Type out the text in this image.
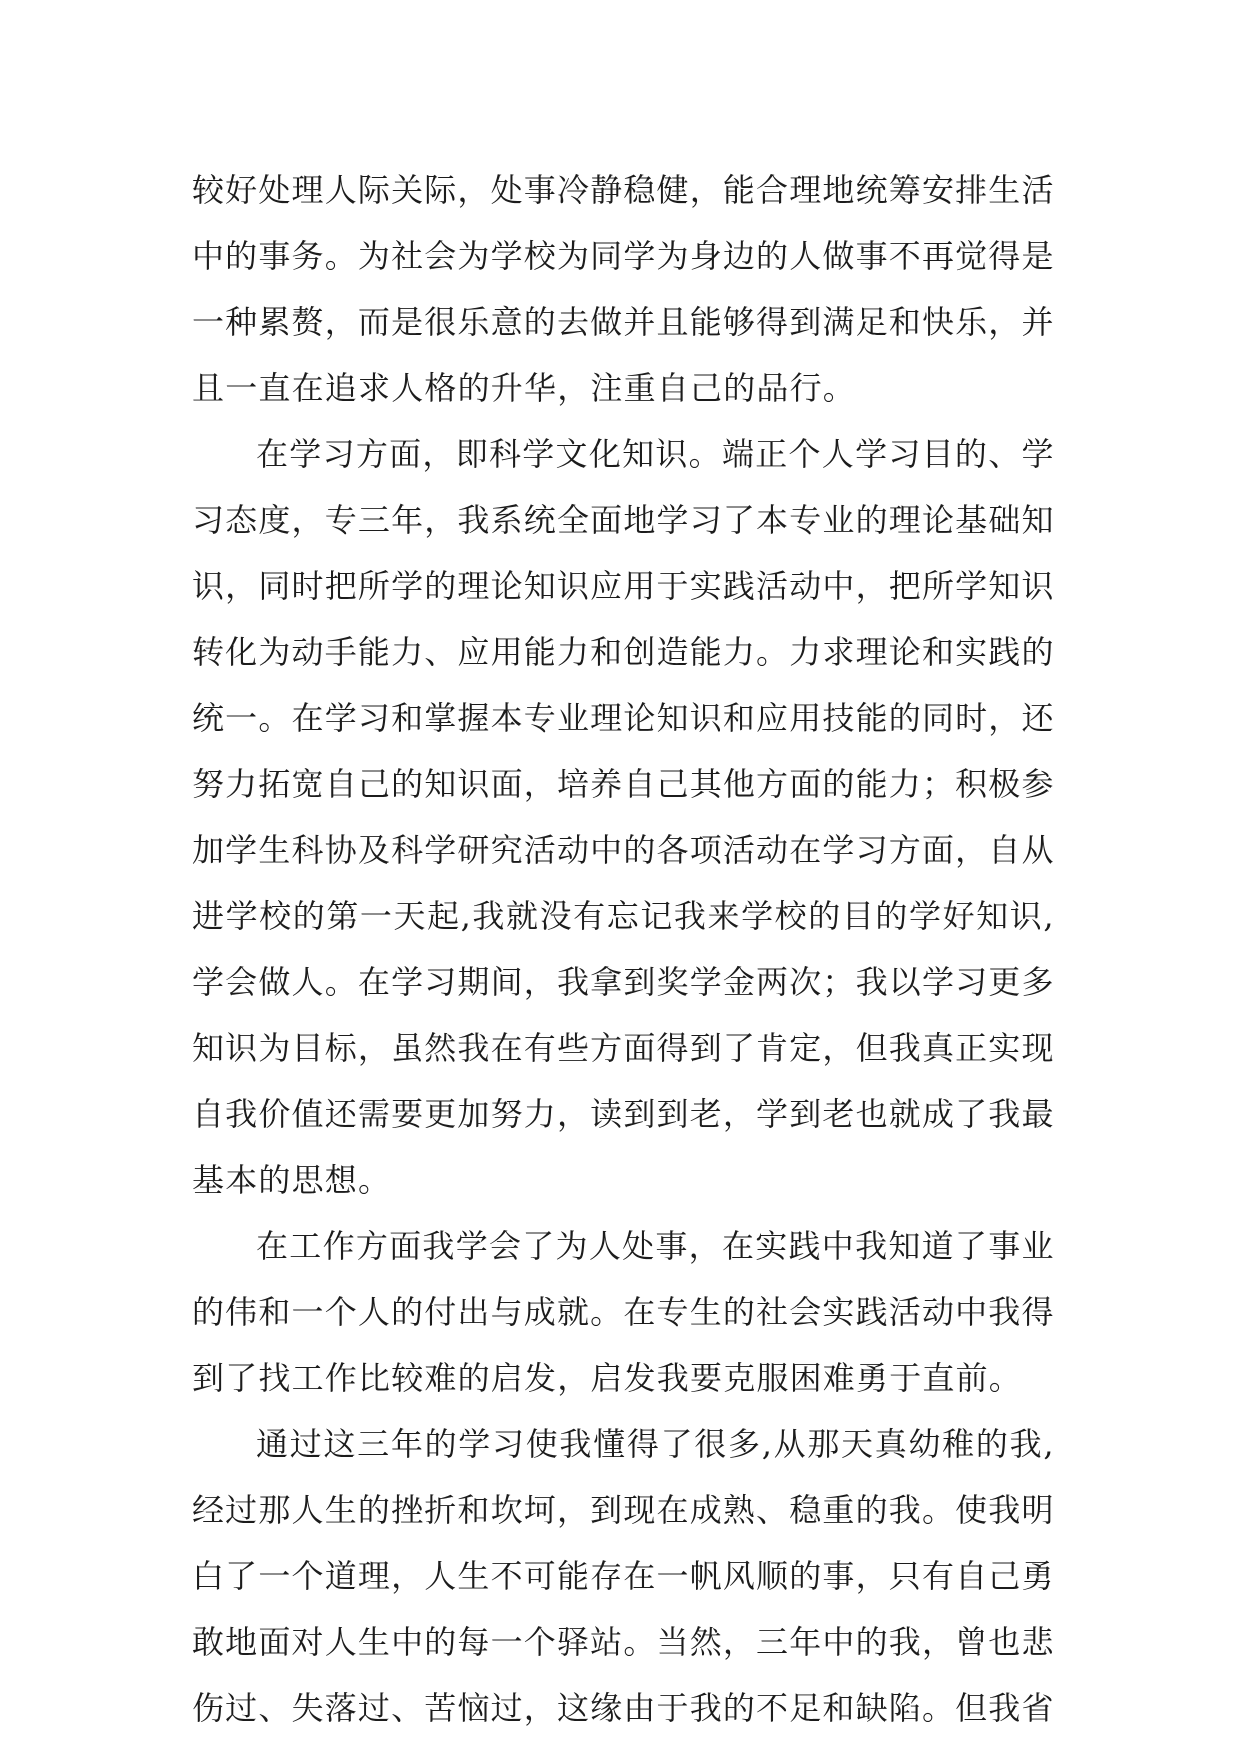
较好处理人际关际，处事冷静稳健，能合理地统筹安排生活
中的事务。为社会为学校为同学为身边的人做事不再觉得是
一种累赘，而是很乐意的去做并且能够得到满足和快乐，并
且一直在追求人格的升华，注重自己的品行。
在学习方面，即科学文化知识。端正个人学习目的、学
习态度，专三年，我系统全面地学习了本专业的理论基础知
识，同时把所学的理论知识应用于实践活动中，把所学知识
转化为动手能力、应用能力和创造能力。力求理论和实践的
统一。在学习和掌握本专业理论知识和应用技能的同时，还
努力拓宽自己的知识面，培养自己其他方面的能力；积极参
加学生科协及科学研究活动中的各项活动在学习方面，自从
进学校的第一天起,我就没有忘记我来学校的目的学好知识,
学会做人。在学习期间，我拿到奖学金两次；我以学习更多
知识为目标，虽然我在有些方面得到了肯定，但我真正实现
自我价值还需要更加努力，读到到老，学到老也就成了我最
基本的思想。
在工作方面我学会了为人处事，在实践中我知道了事业
的伟和一个人的付出与成就。在专生的社会实践活动中我得
到了找工作比较难的启发，启发我要克服困难勇于直前。
通过这三年的学习使我懂得了很多,从那天真幼稚的我,
经过那人生的挫折和坎坷，到现在成熟、稳重的我。使我明
白了一个道理，人生不可能存在一帆风顺的事，只有自己勇
敢地面对人生中的每一个驿站。当然，三年中的我，曾也悲
伤过、失落过、苦恼过，这缘由于我的不足和缺陷。但我省
